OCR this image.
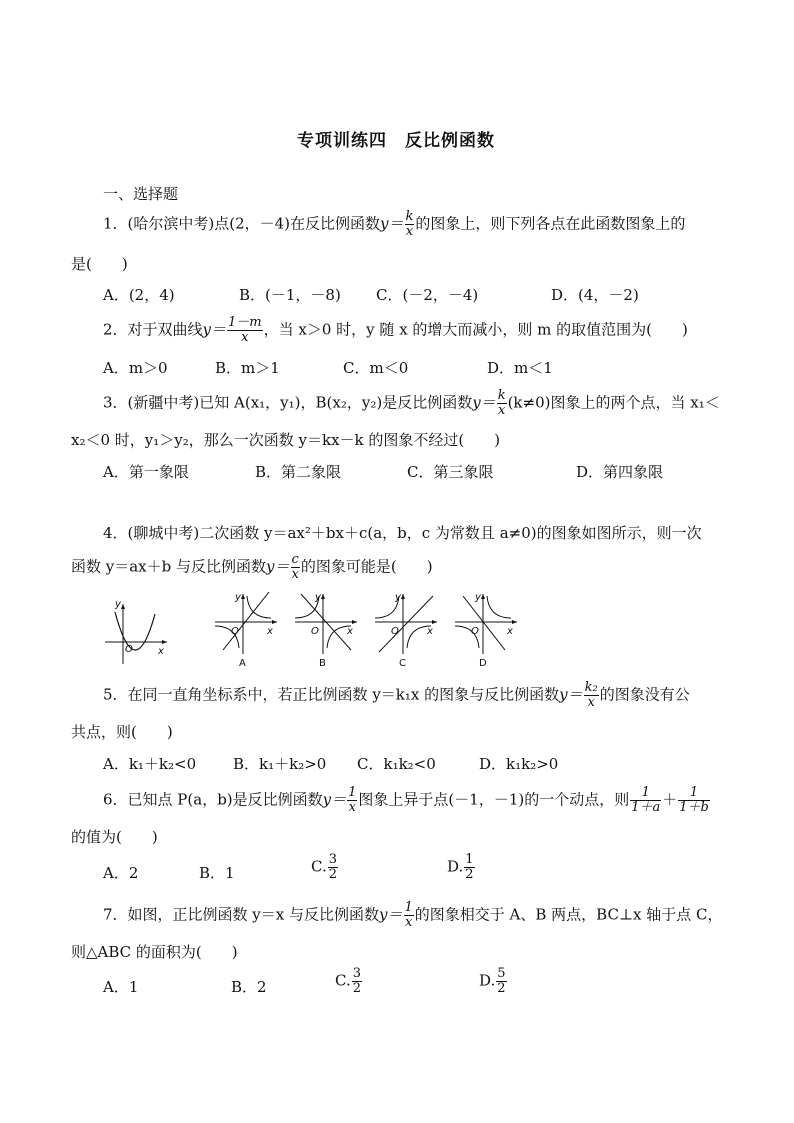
专项训练四　反比例函数
一、选择题
1．(哈尔滨中考)点(2，－4)在反比例函数$y= \frac{k}{x}$ 的图象上，则下列各点在此函数图象上的
是(　　)
A．(2，4)	B．(－1，－8) C．(－2，－4)	D．(4，－2)
2．对于双曲线$y= \frac{1-m}{x}$ ，当 x＞0 时，y 随 x 的增大而减小，则 m 的取值范围为(　　)
A．m＞0	B．m＞1	C．m＜0	D．m＜1
3．(新疆中考)已知 A(x₁，y₁)，B(x₂，y₂)是反比例函数$y= \frac{k}{x} (k\ne 0)$图象上的两个点，当 x₁＜
x₂＜0 时，y₁＞y₂，那么一次函数 y＝kx－k 的图象不经过(　　)
A．第一象限	B．第二象限	C．第三象限	D．第四象限
4．(聊城中考)二次函数 y＝ax²＋bx＋c(a，b，c 为常数且 a≠0)的图象如图所示，则一次
函数 y＝ax＋b 与反比例函数$y= \frac{c}{x}$ 的图象可能是(　　)
y
x
O
y
x
O
A
y
x
O
B
y
x
O
C
y
x
O
D
5．在同一直角坐标系中，若正比例函数 y＝k₁x 的图象与反比例函数$y= \frac{\text{k₂}}{x}$ 的图象没有公
共点，则(　　)
A．k₁＋k₂<0 B．k₁＋k₂>0 C．k₁k₂<0	D．k₁k₂>0
6．已知点 P(a，b)是反比例函数$y= \frac{1}{x}$ 图象上异于点(－1，－1)的一个动点，则 $\frac{1}{1+a} + \frac{1}{1+b}$
的值为(　　)
A．2	B．1	C. $\frac{3}{2}$	D. $\frac{1}{2}$
7．如图，正比例函数 y＝x 与反比例函数$y= \frac{1}{x}$ 的图象相交于 A、B 两点，BC⊥x 轴于点 C，
则△ABC 的面积为(　　)
A．1	B．2	C. $\frac{3}{2}$	D. $\frac{5}{2}$
